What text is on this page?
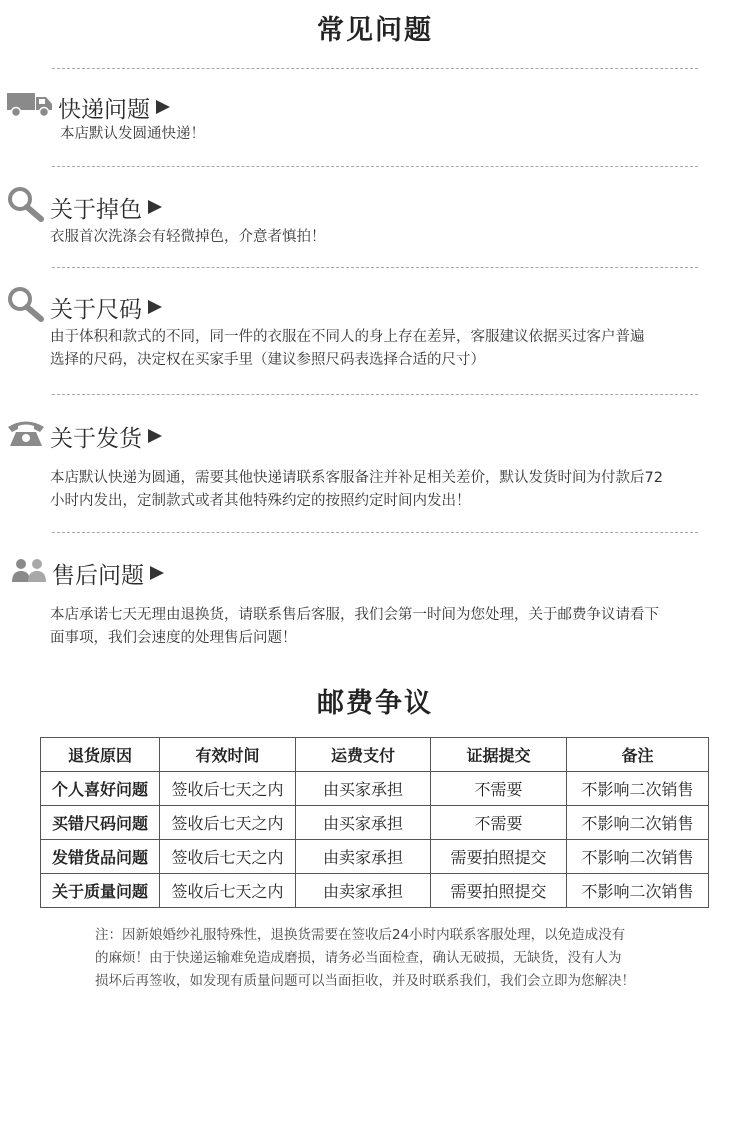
常见问题
快递问题
本店默认发圆通快递！
关于掉色
衣服首次洗涤会有轻微掉色，介意者慎拍！
关于尺码
由于体积和款式的不同，同一件的衣服在不同人的身上存在差异，客服建议依据买过客户普遍
选择的尺码，决定权在买家手里（建议参照尺码表选择合适的尺寸）
关于发货
本店默认快递为圆通，需要其他快递请联系客服备注并补足相关差价，默认发货时间为付款后72
小时内发出，定制款式或者其他特殊约定的按照约定时间内发出！
售后问题
本店承诺七天无理由退换货，请联系售后客服，我们会第一时间为您处理，关于邮费争议请看下
面事项，我们会速度的处理售后问题！
邮费争议
退货原因	有效时间	运费支付	证据提交	备注
个人喜好问题	签收后七天之内	由买家承担	不需要	不影响二次销售
买错尺码问题	签收后七天之内	由买家承担	不需要	不影响二次销售
发错货品问题	签收后七天之内	由卖家承担	需要拍照提交	不影响二次销售
关于质量问题	签收后七天之内	由卖家承担	需要拍照提交	不影响二次销售
注：因新娘婚纱礼服特殊性，退换货需要在签收后24小时内联系客服处理，以免造成没有
的麻烦！由于快递运输难免造成磨损，请务必当面检查，确认无破损，无缺货，没有人为
损坏后再签收，如发现有质量问题可以当面拒收，并及时联系我们，我们会立即为您解决！
